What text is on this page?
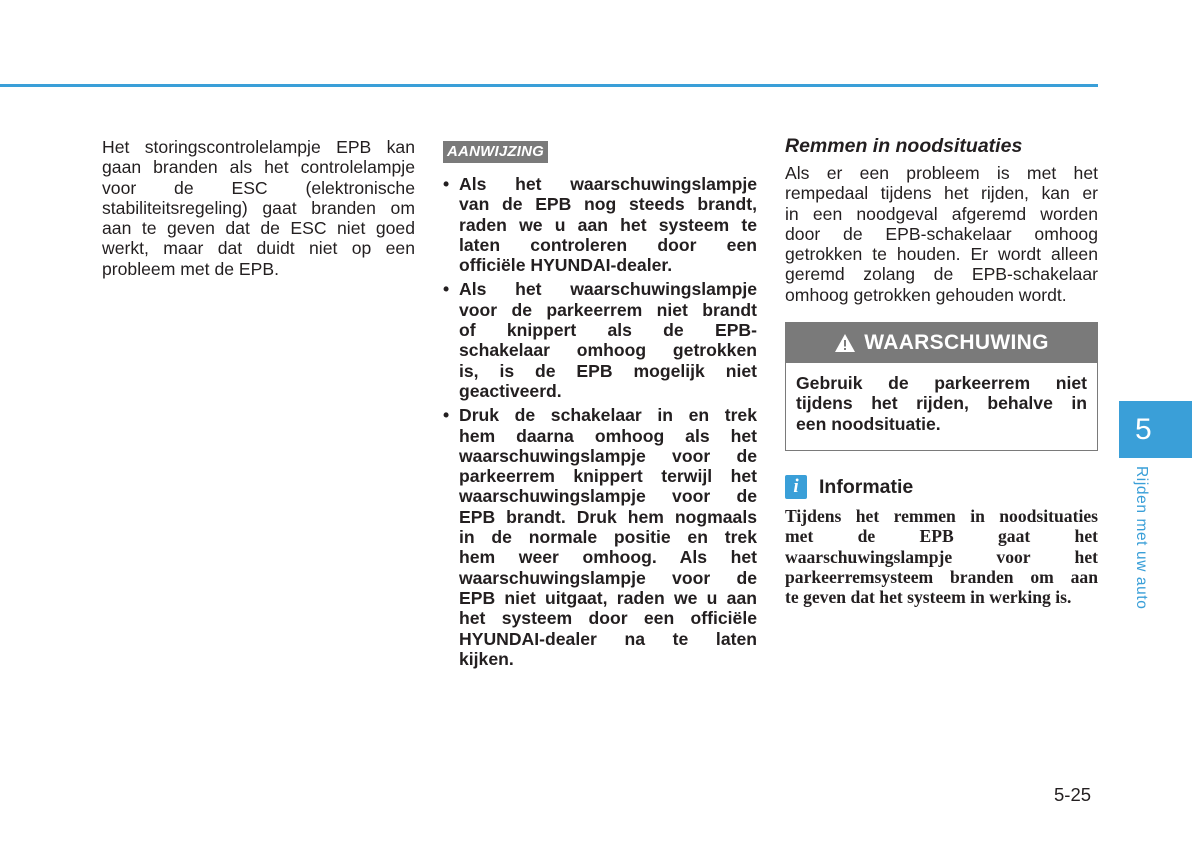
Het storingscontrolelampje EPB kan
gaan branden als het controlelampje
voor de ESC (elektronische
stabiliteitsregeling) gaat branden om
aan te geven dat de ESC niet goed
werkt, maar dat duidt niet op een
probleem met de EPB.
AANWIJZING
• Als het waarschuwingslampje
van de EPB nog steeds brandt,
raden we u aan het systeem te
laten controleren door een
officiële HYUNDAI-dealer.
• Als het waarschuwingslampje
voor de parkeerrem niet brandt
of knippert als de EPB-
schakelaar omhoog getrokken
is, is de EPB mogelijk niet
geactiveerd.
• Druk de schakelaar in en trek
hem daarna omhoog als het
waarschuwingslampje voor de
parkeerrem knippert terwijl het
waarschuwingslampje voor de
EPB brandt. Druk hem nogmaals
in de normale positie en trek
hem weer omhoog. Als het
waarschuwingslampje voor de
EPB niet uitgaat, raden we u aan
het systeem door een officiële
HYUNDAI-dealer na te laten
kijken.
Remmen in noodsituaties
Als er een probleem is met het
rempedaal tijdens het rijden, kan er
in een noodgeval afgeremd worden
door de EPB-schakelaar omhoog
getrokken te houden. Er wordt alleen
geremd zolang de EPB-schakelaar
omhoog getrokken gehouden wordt.
WAARSCHUWING
Gebruik de parkeerrem niet
tijdens het rijden, behalve in
een noodsituatie.
i	Informatie
Tijdens het remmen in noodsituaties
met de EPB gaat het
waarschuwingslampje voor het
parkeerremsysteem branden om aan
te geven dat het systeem in werking is.
5
Rijden met uw auto
5-25
